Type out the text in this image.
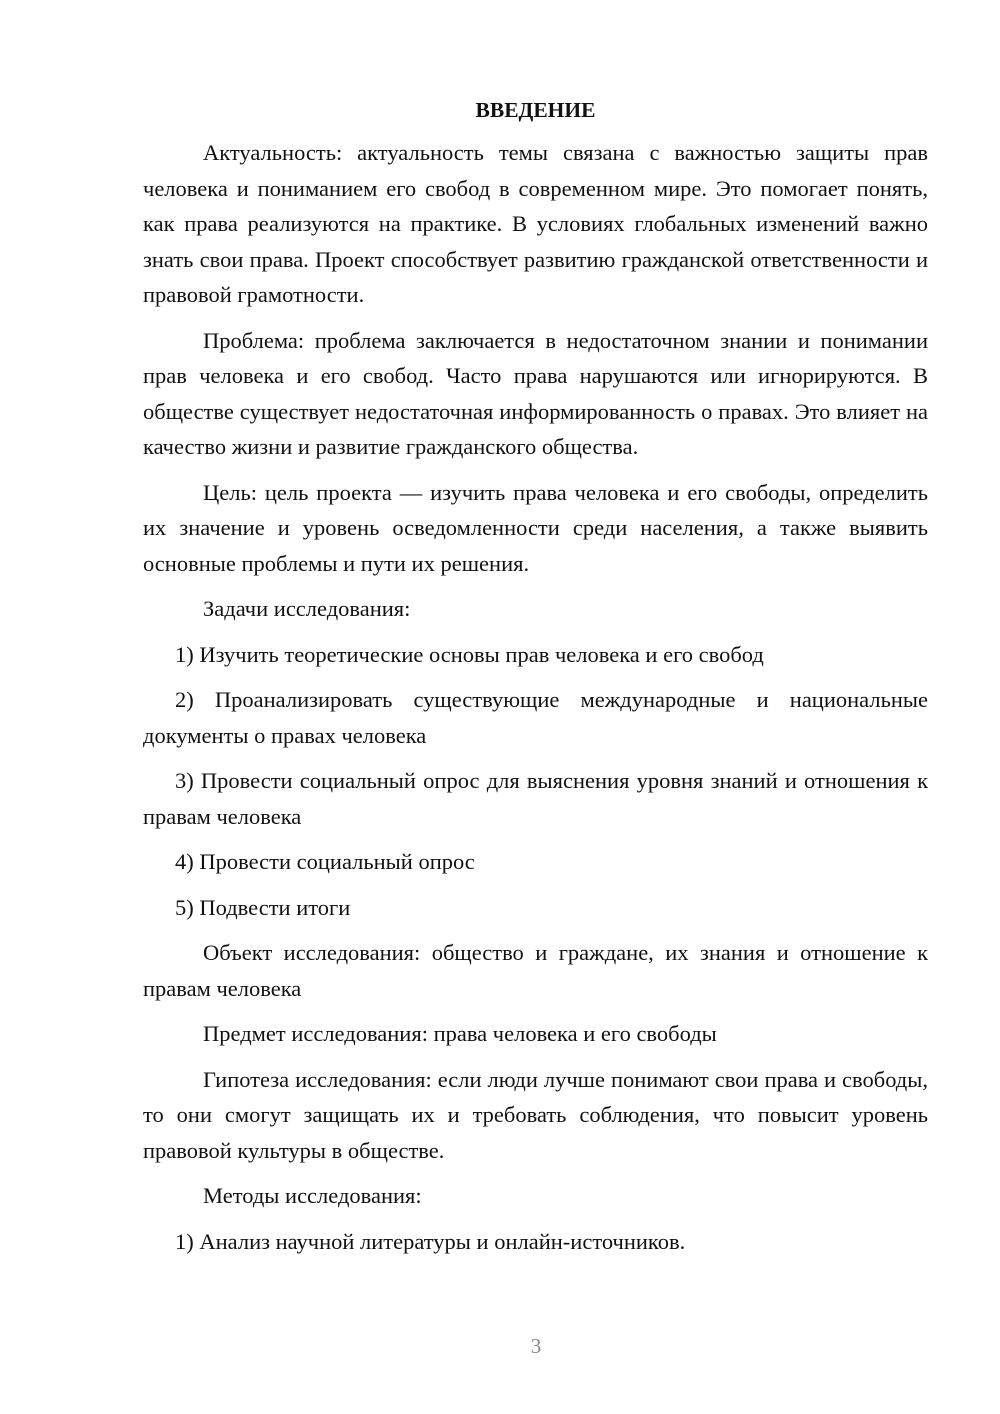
ВВЕДЕНИЕ
Актуальность: актуальность темы связана с важностью защиты прав человека и пониманием его свобод в современном мире. Это помогает понять, как права реализуются на практике. В условиях глобальных изменений важно знать свои права. Проект способствует развитию гражданской ответственности и правовой грамотности.
Проблема: проблема заключается в недостаточном знании и понимании прав человека и его свобод. Часто права нарушаются или игнорируются. В обществе существует недостаточная информированность о правах. Это влияет на качество жизни и развитие гражданского общества.
Цель: цель проекта — изучить права человека и его свободы, определить их значение и уровень осведомленности среди населения, а также выявить основные проблемы и пути их решения.
Задачи исследования:
1) Изучить теоретические основы прав человека и его свобод
2) Проанализировать существующие международные и национальные документы о правах человека
3) Провести социальный опрос для выяснения уровня знаний и отношения к правам человека
4) Провести социальный опрос
5) Подвести итоги
Объект исследования: общество и граждане, их знания и отношение к правам человека
Предмет исследования: права человека и его свободы
Гипотеза исследования: если люди лучше понимают свои права и свободы, то они смогут защищать их и требовать соблюдения, что повысит уровень правовой культуры в обществе.
Методы исследования:
1) Анализ научной литературы и онлайн-источников.
3
